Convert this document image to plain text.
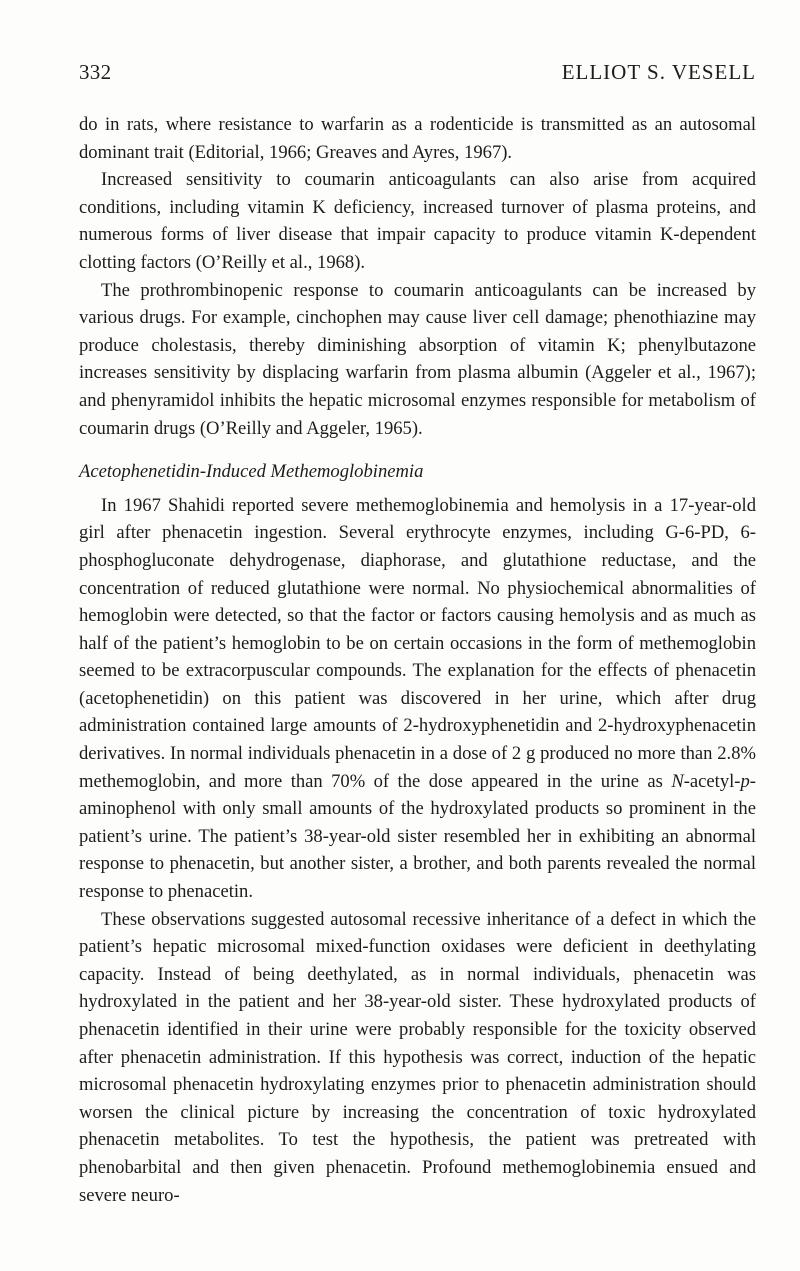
332	ELLIOT S. VESELL

do in rats, where resistance to warfarin as a rodenticide is transmitted as an autosomal dominant trait (Editorial, 1966; Greaves and Ayres, 1967).

Increased sensitivity to coumarin anticoagulants can also arise from acquired conditions, including vitamin K deficiency, increased turnover of plasma proteins, and numerous forms of liver disease that impair capacity to produce vitamin K-dependent clotting factors (O’Reilly et al., 1968).

The prothrombinopenic response to coumarin anticoagulants can be increased by various drugs. For example, cinchophen may cause liver cell damage; phenothiazine may produce cholestasis, thereby diminishing absorption of vitamin K; phenylbutazone increases sensitivity by displacing warfarin from plasma albumin (Aggeler et al., 1967); and phenyramidol inhibits the hepatic microsomal enzymes responsible for metabolism of coumarin drugs (O’Reilly and Aggeler, 1965).

Acetophenetidin-Induced Methemoglobinemia

In 1967 Shahidi reported severe methemoglobinemia and hemolysis in a 17-year-old girl after phenacetin ingestion. Several erythrocyte enzymes, including G-6-PD, 6-phosphogluconate dehydrogenase, diaphorase, and glutathione reductase, and the concentration of reduced glutathione were normal. No physiochemical abnormalities of hemoglobin were detected, so that the factor or factors causing hemolysis and as much as half of the patient’s hemoglobin to be on certain occasions in the form of methemoglobin seemed to be extracorpuscular compounds. The explanation for the effects of phenacetin (acetophenetidin) on this patient was discovered in her urine, which after drug administration contained large amounts of 2-hydroxyphenetidin and 2-hydroxyphenacetin derivatives. In normal individuals phenacetin in a dose of 2 g produced no more than 2.8% methemoglobin, and more than 70% of the dose appeared in the urine as N-acetyl-p-aminophenol with only small amounts of the hydroxylated products so prominent in the patient’s urine. The patient’s 38-year-old sister resembled her in exhibiting an abnormal response to phenacetin, but another sister, a brother, and both parents revealed the normal response to phenacetin.

These observations suggested autosomal recessive inheritance of a defect in which the patient’s hepatic microsomal mixed-function oxidases were deficient in deethylating capacity. Instead of being deethylated, as in normal individuals, phenacetin was hydroxylated in the patient and her 38-year-old sister. These hydroxylated products of phenacetin identified in their urine were probably responsible for the toxicity observed after phenacetin administration. If this hypothesis was correct, induction of the hepatic microsomal phenacetin hydroxylating enzymes prior to phenacetin administration should worsen the clinical picture by increasing the concentration of toxic hydroxylated phenacetin metabolites. To test the hypothesis, the patient was pretreated with phenobarbital and then given phenacetin. Profound methemoglobinemia ensued and severe neuro-
